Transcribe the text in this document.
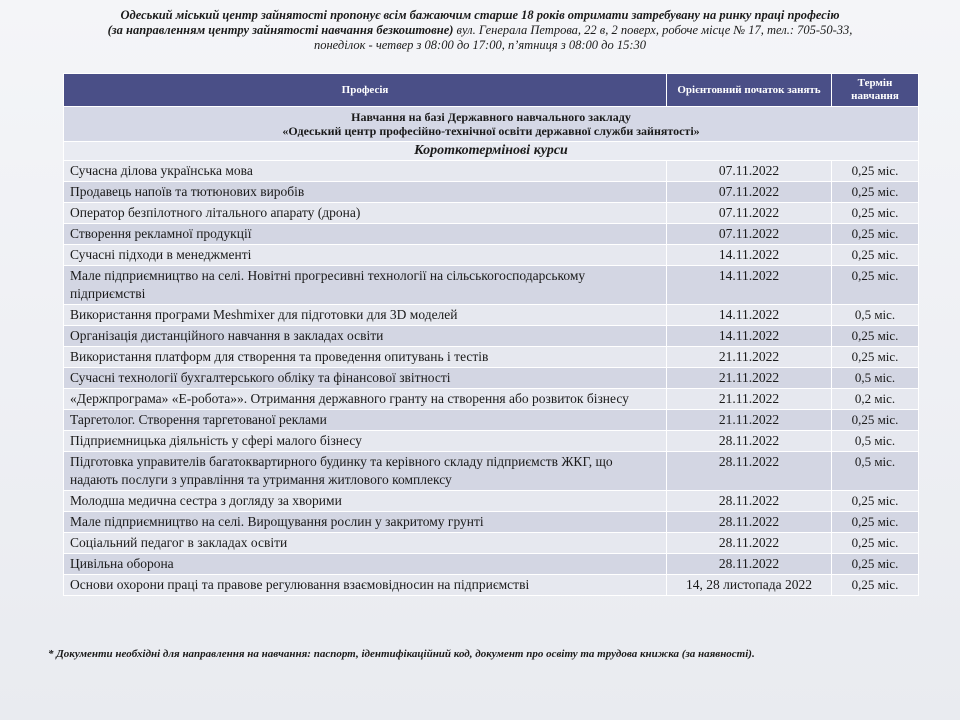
Одеський міський центр зайнятості пропонує всім бажаючим старше 18 років отримати затребувану на ринку праці професію
(за направленням центру зайнятості навчання безкоштовне) вул. Генерала Петрова, 22 в, 2 поверх, робоче місце № 17, тел.: 705-50-33,
понеділок - четвер з 08:00 до 17:00, п’ятниця з 08:00 до 15:30
Професія	Орієнтовний початок занять	Термін навчання

Навчання на базі Державного навчального закладу
«Одеський центр професійно-технічної освіти державної служби зайнятості»		

Короткотермінові курси		
Сучасна ділова українська мова	07.11.2022	0,25 міс.
Продавець напоїв та тютюнових виробів	07.11.2022	0,25 міс.
Оператор безпілотного літального апарату (дрона)	07.11.2022	0,25 міс.
Створення рекламної продукції	07.11.2022	0,25 міс.
Сучасні підходи в менеджменті	14.11.2022	0,25 міс.
Мале підприємництво на селі. Новітні прогресивні технології на сільськогосподарському підприємстві	14.11.2022	0,25 міс.
Використання програми Meshmixer для підготовки для 3D моделей	14.11.2022	0,5 міс.
Організація дистанційного навчання в закладах освіти	14.11.2022	0,25 міс.
Використання платформ для створення та проведення опитувань і тестів	21.11.2022	0,25 міс.
Сучасні технології бухгалтерського обліку та фінансової звітності	21.11.2022	0,5 міс.
«Держпрограма» «Е-робота»». Отримання державного гранту на створення або розвиток бізнесу	21.11.2022	0,2 міс.
Таргетолог. Створення таргетованої реклами	21.11.2022	0,25 міс.
Підприємницька діяльність у сфері малого бізнесу	28.11.2022	0,5 міс.
Підготовка управителів багатоквартирного будинку та керівного складу підприємств ЖКГ, що надають послуги з управління та утримання житлового комплексу	28.11.2022	0,5 міс.
Молодша медична сестра з догляду за хворими	28.11.2022	0,25 міс.
Мале підприємництво на селі. Вирощування рослин у закритому грунті	28.11.2022	0,25 міс.
Соціальний педагог в закладах освіти	28.11.2022	0,25 міс.
Цивільна оборона	28.11.2022	0,25 міс.
Основи охорони праці та правове регулювання взаємовідносин на підприємстві	14, 28 листопада 2022	0,25 міс.
* Документи необхідні для направлення на навчання: паспорт, ідентифікаційний код, документ про освіту та трудова книжка (за наявності).
